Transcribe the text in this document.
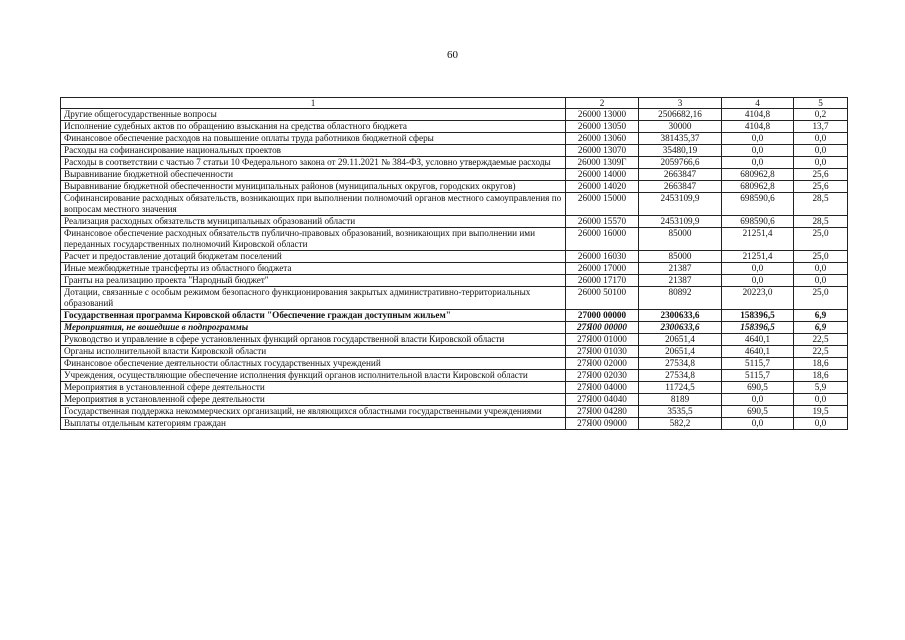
60
1	2	3	4	5
Другие общегосударственные вопросы	26000 13000	2506682,16	4104,8	0,2
Исполнение судебных актов по обращению взыскания на средства областного бюджета	26000 13050	30000	4104,8	13,7
Финансовое обеспечение расходов на повышение оплаты труда работников бюджетной сферы	26000 13060	381435,37	0,0	0,0
Расходы на софинансирование национальных проектов	26000 13070	35480,19	0,0	0,0
Расходы в соответствии с частью 7 статьи 10 Федерального закона от 29.11.2021 № 384-ФЗ, условно утверждаемые расходы	26000 1309Г	2059766,6	0,0	0,0
Выравнивание бюджетной обеспеченности	26000 14000	2663847	680962,8	25,6
Выравнивание бюджетной обеспеченности муниципальных районов (муниципальных округов, городских округов)	26000 14020	2663847	680962,8	25,6
Софинансирование расходных обязательств, возникающих при выполнении полномочий органов местного самоуправления по вопросам местного значения	26000 15000	2453109,9	698590,6	28,5
Реализация расходных обязательств муниципальных образований области	26000 15570	2453109,9	698590,6	28,5
Финансовое обеспечение расходных обязательств публично-правовых образований, возникающих при выполнении ими переданных государственных полномочий Кировской области	26000 16000	85000	21251,4	25,0
Расчет и предоставление дотаций бюджетам поселений	26000 16030	85000	21251,4	25,0
Иные межбюджетные трансферты из областного бюджета	26000 17000	21387	0,0	0,0
Гранты на реализацию проекта "Народный бюджет"	26000 17170	21387	0,0	0,0
Дотации, связанные с особым режимом безопасного функционирования закрытых административно-территориальных образований	26000 50100	80892	20223,0	25,0
Государственная программа Кировской области "Обеспечение граждан доступным жильем"	27000 00000	2300633,6	158396,5	6,9
Мероприятия, не вошедшие в подпрограммы	27Я00 00000	2300633,6	158396,5	6,9
Руководство и управление в сфере установленных функций органов государственной власти Кировской области	27Я00 01000	20651,4	4640,1	22,5
Органы исполнительной власти Кировской области	27Я00 01030	20651,4	4640,1	22,5
Финансовое обеспечение деятельности областных государственных учреждений	27Я00 02000	27534,8	5115,7	18,6
Учреждения, осуществляющие обеспечение исполнения функций органов исполнительной власти Кировской области	27Я00 02030	27534,8	5115,7	18,6
Мероприятия в установленной сфере деятельности	27Я00 04000	11724,5	690,5	5,9
Мероприятия в установленной сфере деятельности	27Я00 04040	8189	0,0	0,0
Государственная поддержка некоммерческих организаций, не являющихся областными государственными учреждениями	27Я00 04280	3535,5	690,5	19,5
Выплаты отдельным категориям граждан	27Я00 09000	582,2	0,0	0,0
